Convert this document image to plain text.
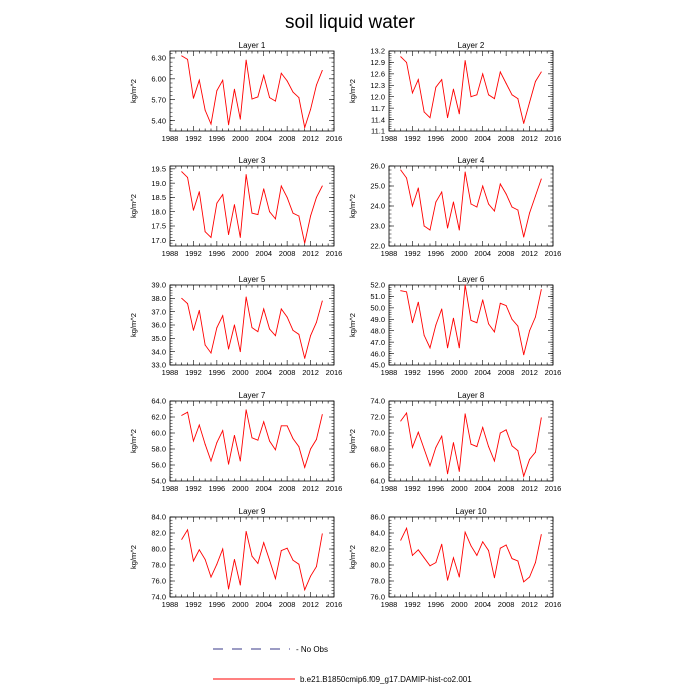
soil liquid water
Layer 1
1988 1992 1996 2000 2004 2008 2012 2016
5.40
5.70
6.00
6.30
kg/m^2
Layer 2
1988 1992 1996 2000 2004 2008 2012 2016
11.1
11.4
11.7
12.0
12.3
12.6
12.9
13.2
kg/m^2
Layer 3
1988 1992 1996 2000 2004 2008 2012 2016
17.0
17.5
18.0
18.5
19.0
19.5
kg/m^2
Layer 4
1988 1992 1996 2000 2004 2008 2012 2016
22.0
23.0
24.0
25.0
26.0
kg/m^2
Layer 5
1988 1992 1996 2000 2004 2008 2012 2016
33.0
34.0
35.0
36.0
37.0
38.0
39.0
kg/m^2
Layer 6
1988 1992 1996 2000 2004 2008 2012 2016
45.0
46.0
47.0
48.0
49.0
50.0
51.0
52.0
kg/m^2
Layer 7
1988 1992 1996 2000 2004 2008 2012 2016
54.0
56.0
58.0
60.0
62.0
64.0
kg/m^2
Layer 8
1988 1992 1996 2000 2004 2008 2012 2016
64.0
66.0
68.0
70.0
72.0
74.0
kg/m^2
Layer 9
1988 1992 1996 2000 2004 2008 2012 2016
74.0
76.0
78.0
80.0
82.0
84.0
kg/m^2
Layer 10
1988 1992 1996 2000 2004 2008 2012 2016
76.0
78.0
80.0
82.0
84.0
86.0
kg/m^2
- No Obs
b.e21.B1850cmip6.f09_g17.DAMIP-hist-co2.001
